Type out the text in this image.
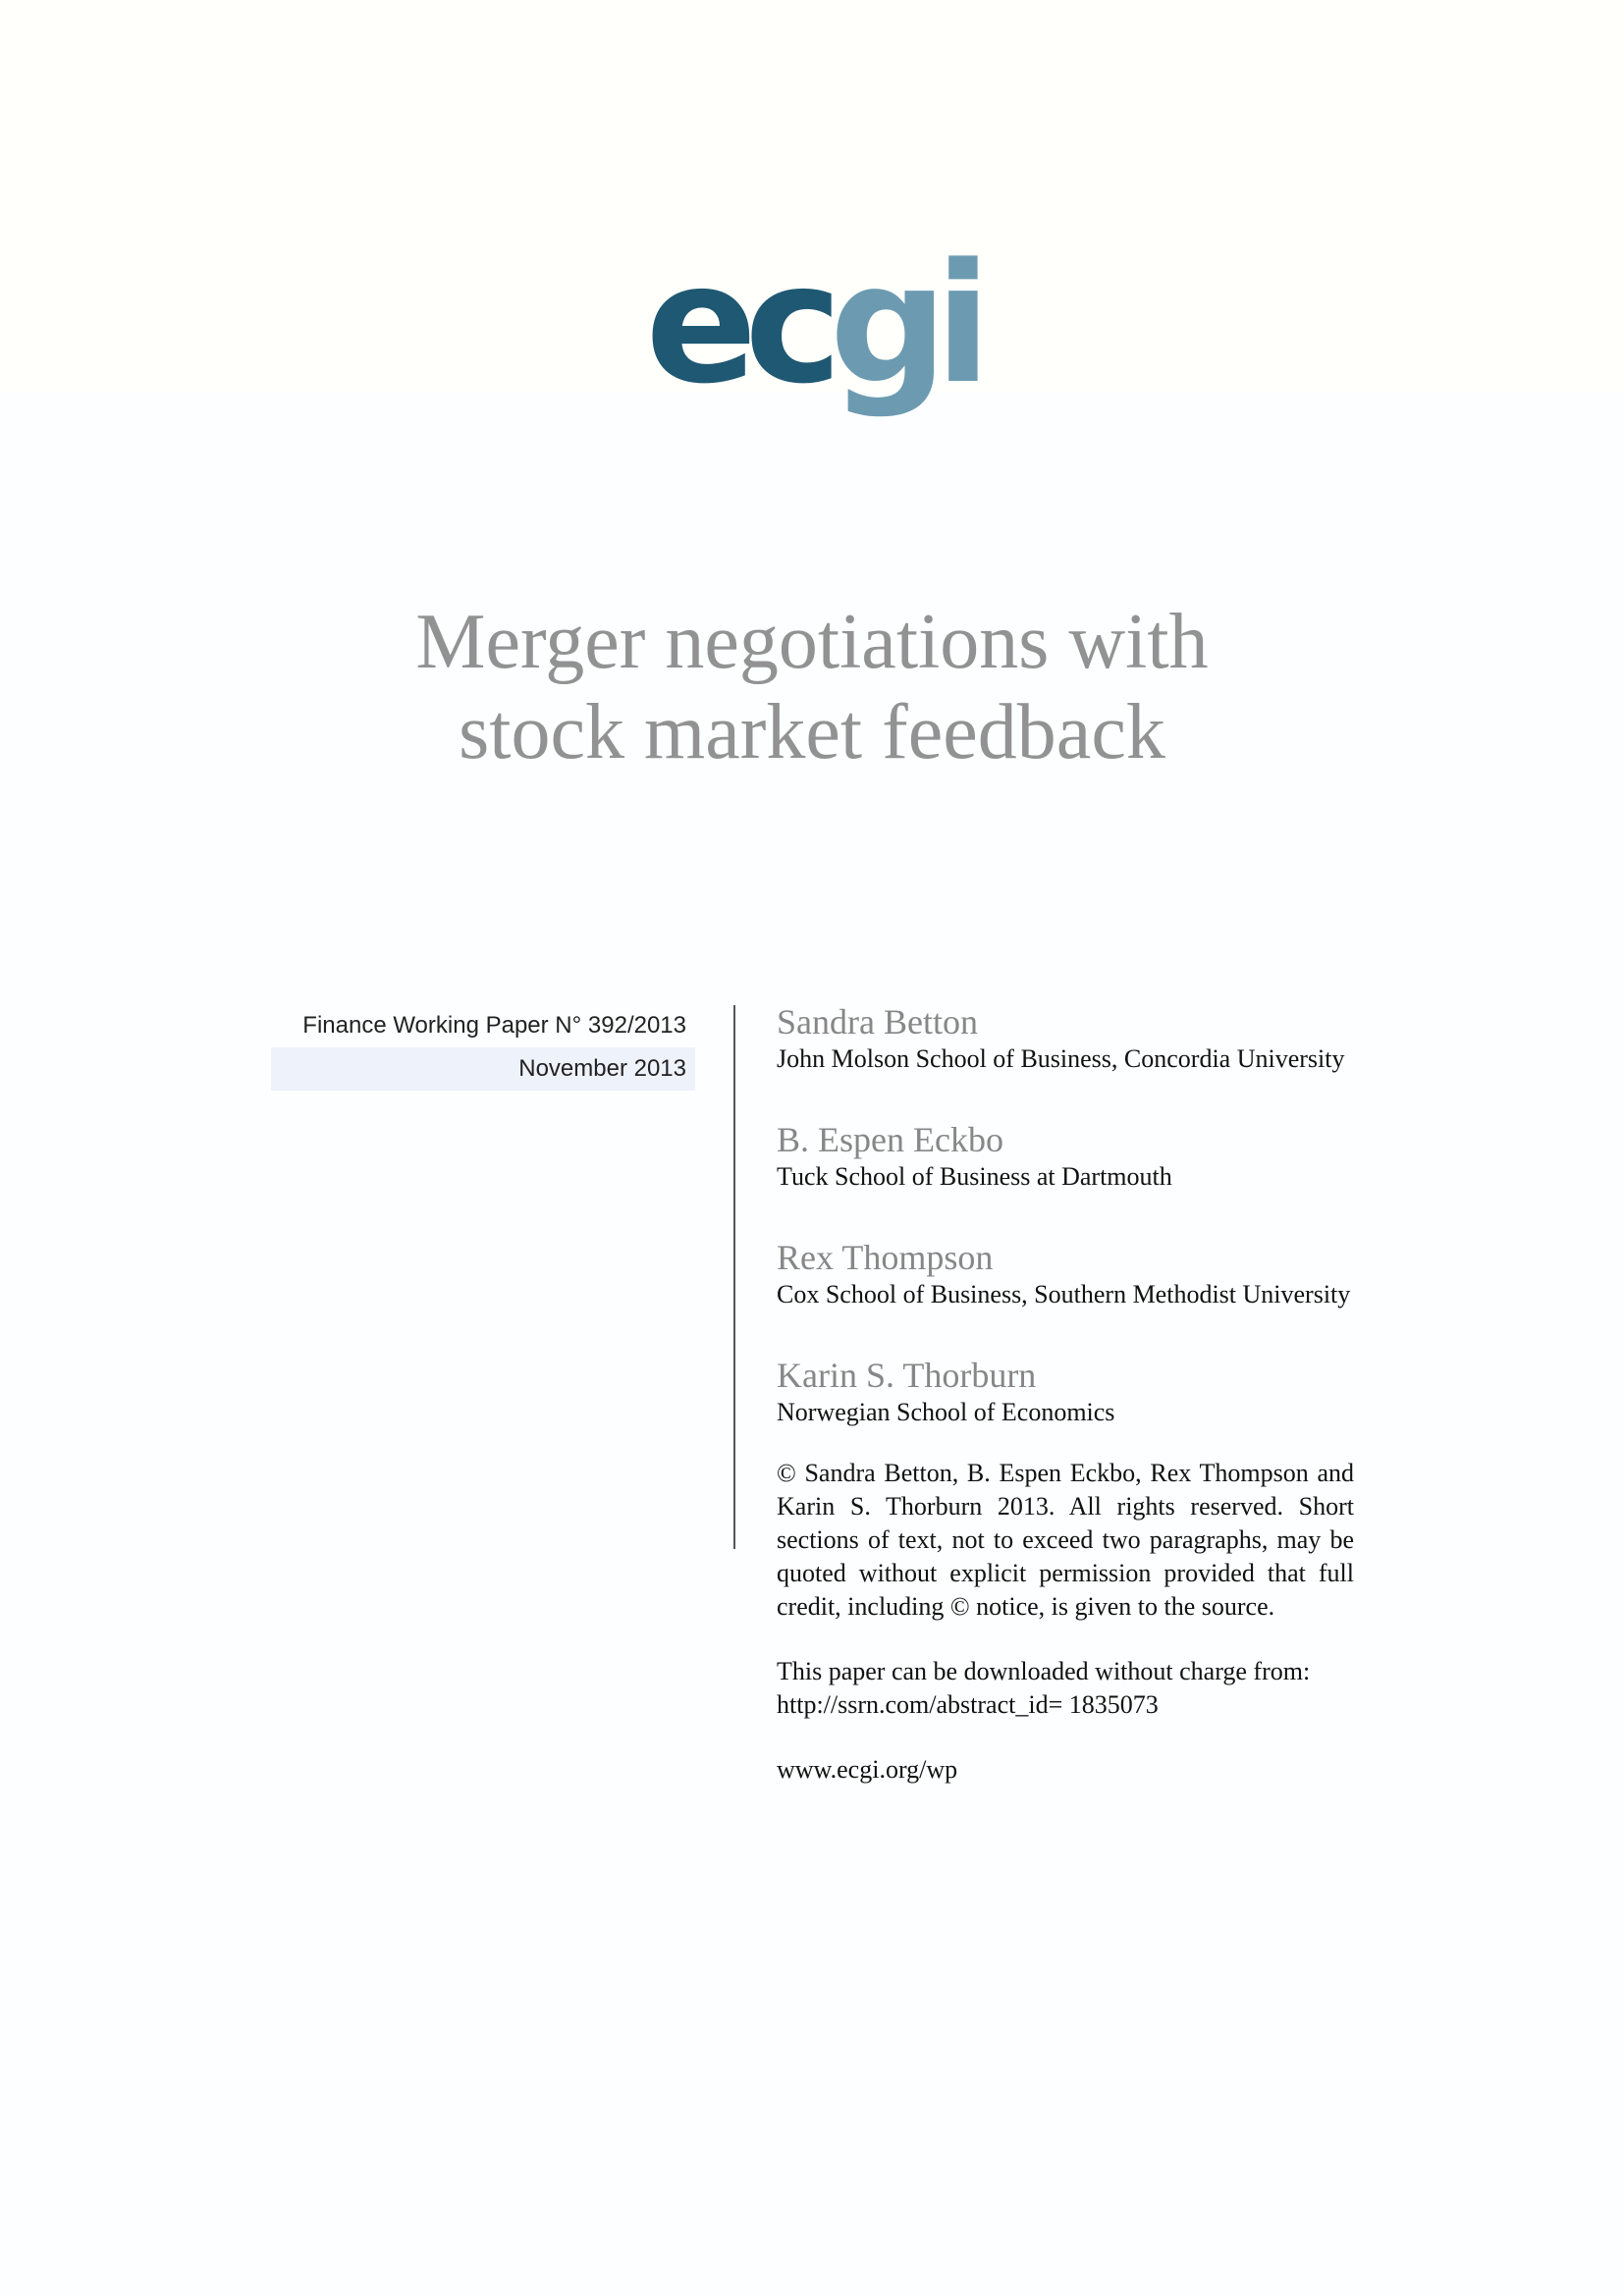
ecgi
Merger negotiations with
stock market feedback
Finance Working Paper N° 392/2013
November 2013
Sandra Betton
John Molson School of Business, Concordia University
B. Espen Eckbo
Tuck School of Business at Dartmouth
Rex Thompson
Cox School of Business, Southern Methodist University
Karin S. Thorburn
Norwegian School of Economics
© Sandra Betton, B. Espen Eckbo, Rex Thompson and Karin S. Thorburn 2013. All rights reserved. Short sections of text, not to exceed two paragraphs, may be quoted without explicit permission provided that full credit, including © notice, is given to the source.
This paper can be downloaded without charge from:
http://ssrn.com/abstract_id= 1835073
www.ecgi.org/wp
